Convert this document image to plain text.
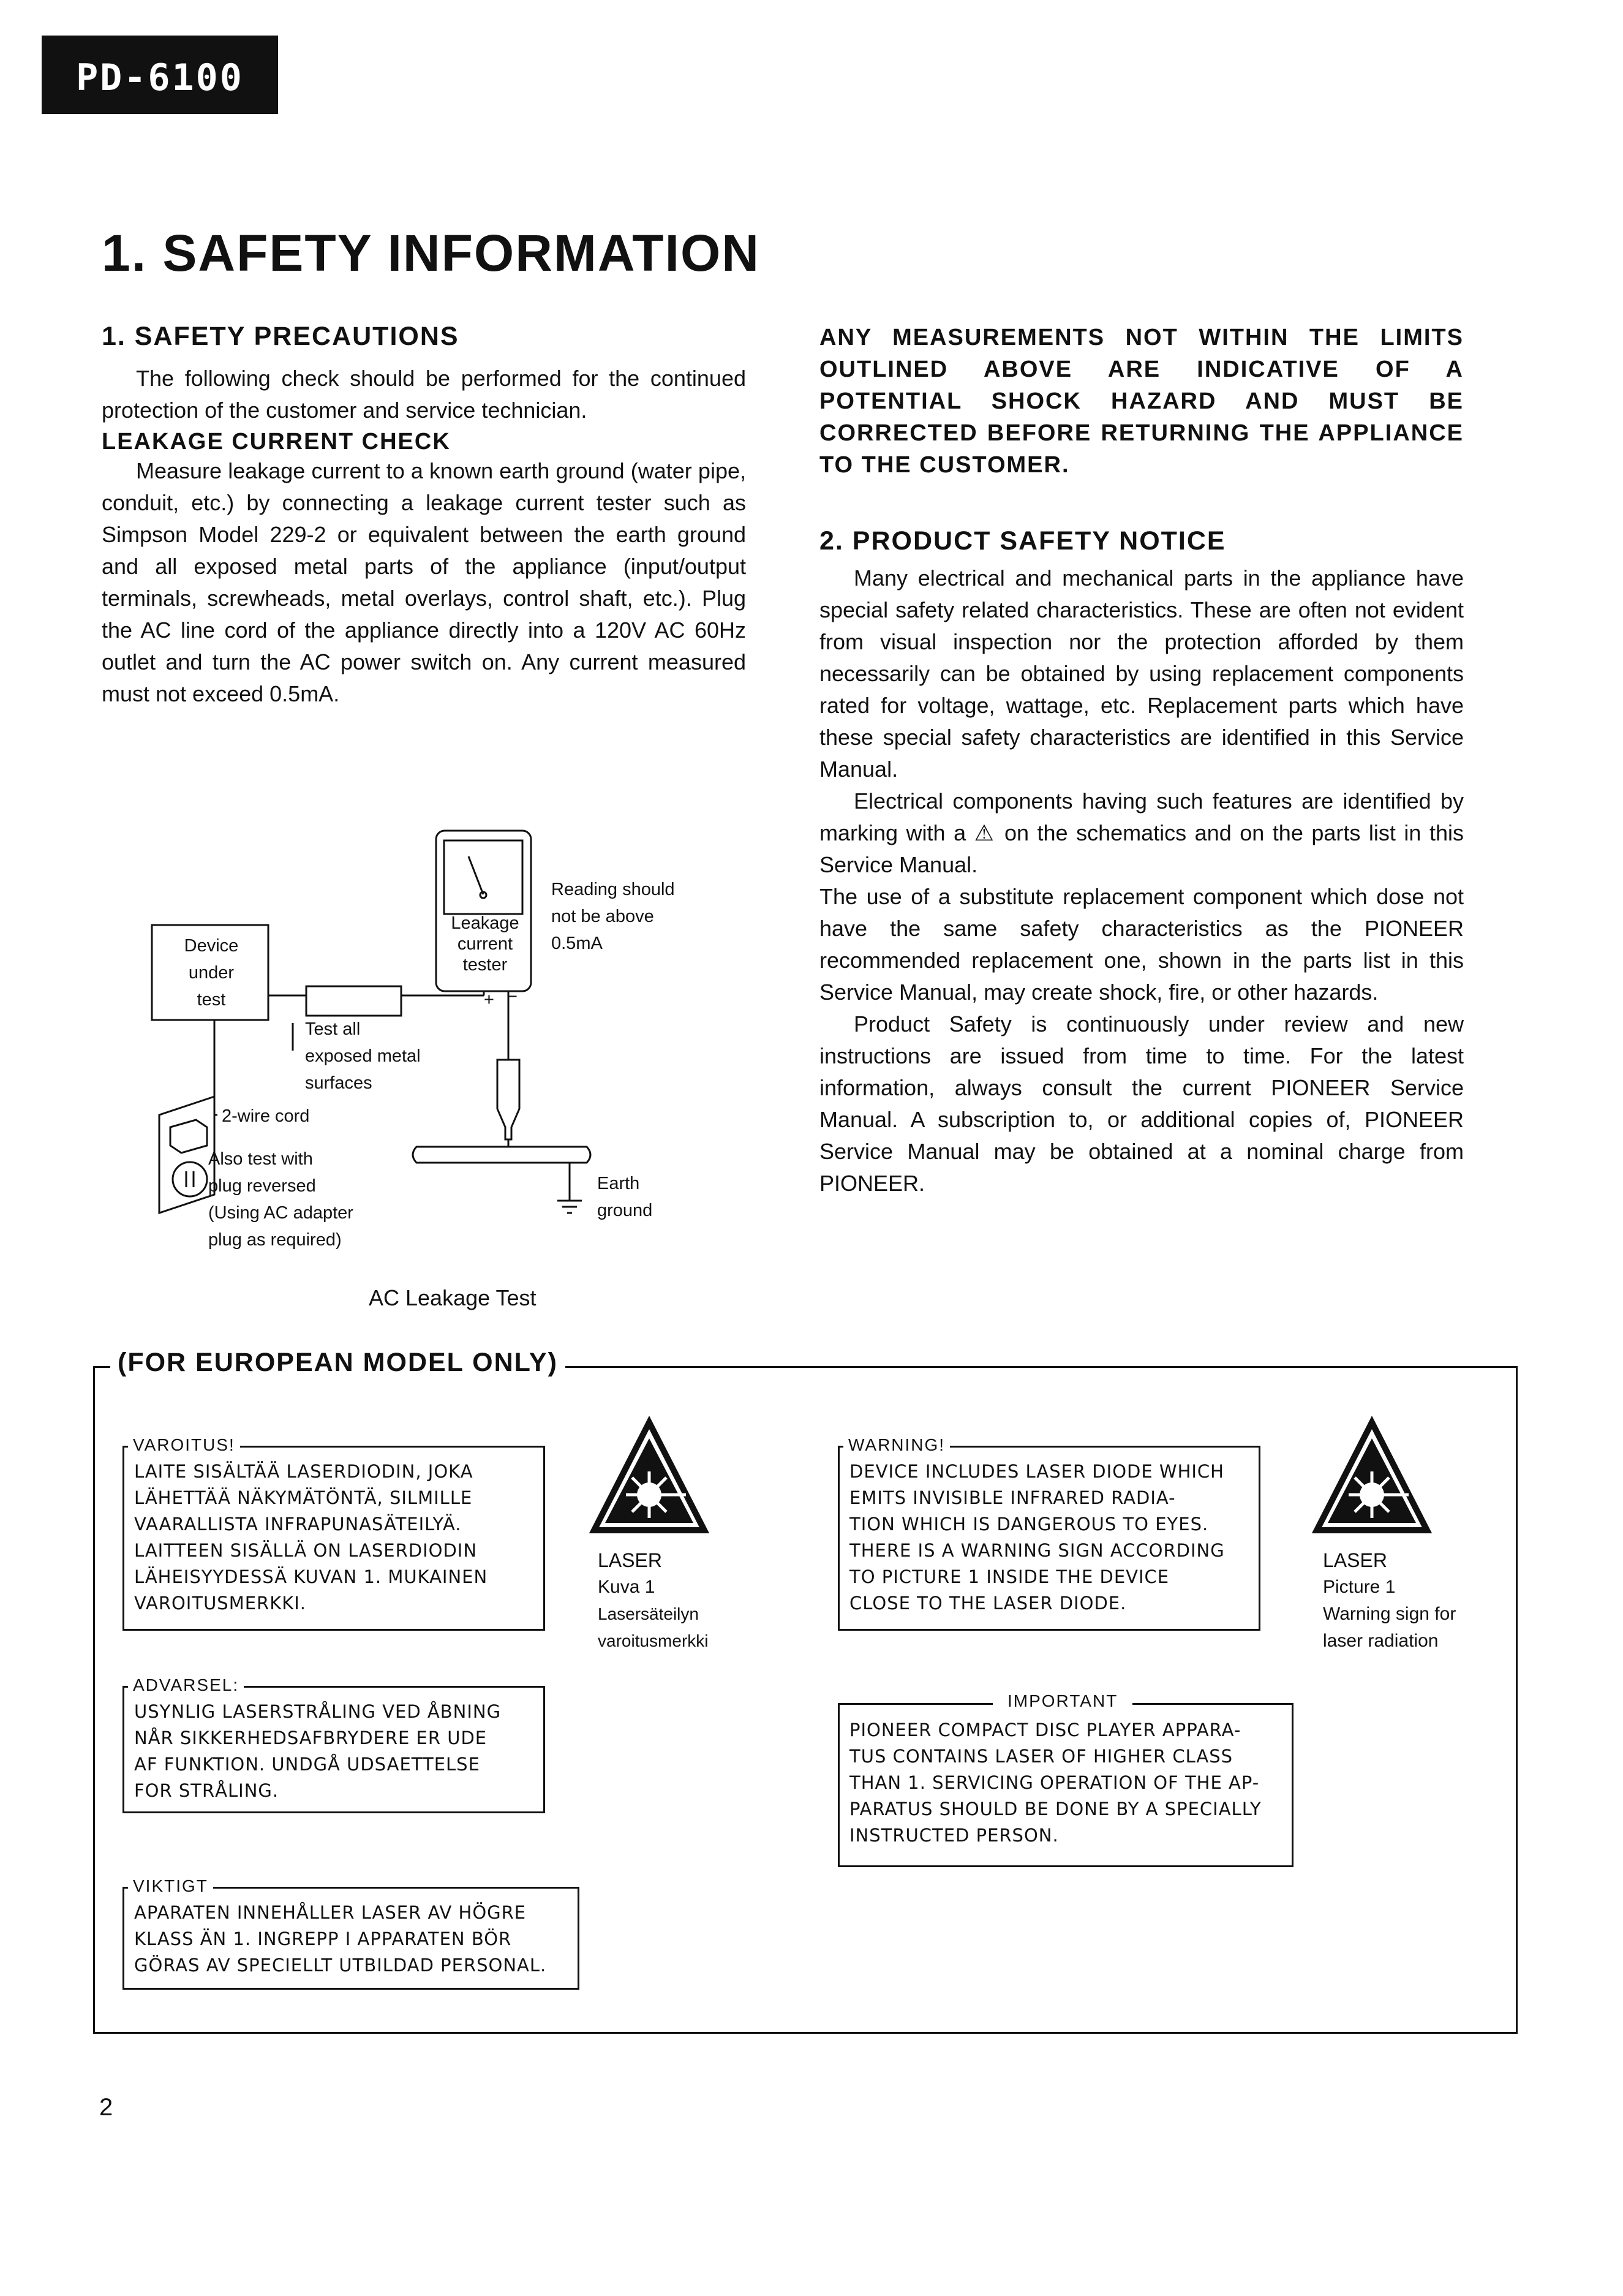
PD-6100
1. SAFETY INFORMATION
1. SAFETY PRECAUTIONS

The following check should be performed for the continued protection of the customer and service technician.

LEAKAGE CURRENT CHECK

Measure leakage current to a known earth ground (water pipe, conduit, etc.) by connecting a leakage current tester such as Simpson Model 229-2 or equivalent between the earth ground and all exposed metal parts of the appliance (input/output terminals, screwheads, metal overlays, control shaft, etc.). Plug the AC line cord of the appliance directly into a 120V AC 60Hz outlet and turn the AC power switch on. Any current measured must not exceed 0.5mA.

Device
under
test
Leakage
current
tester
+ −
Reading should
not be above
0.5mA
Test all
exposed metal
surfaces
2-wire cord
Also test with
plug reversed
(Using AC adapter
plug as required)
Earth
ground
AC Leakage Test

ANY MEASUREMENTS NOT WITHIN THE LIMITS OUTLINED ABOVE ARE INDICATIVE OF A POTENTIAL SHOCK HAZARD AND MUST BE CORRECTED BEFORE RETURNING THE APPLIANCE TO THE CUSTOMER.

2. PRODUCT SAFETY NOTICE

Many electrical and mechanical parts in the appliance have special safety related characteristics. These are often not evident from visual inspection nor the protection afforded by them necessarily can be obtained by using replacement components rated for voltage, wattage, etc. Replacement parts which have these special safety characteristics are identified in this Service Manual.

Electrical components having such features are identified by marking with a ⚠ on the schematics and on the parts list in this Service Manual.

The use of a substitute replacement component which dose not have the same safety characteristics as the PIONEER recommended replacement one, shown in the parts list in this Service Manual, may create shock, fire, or other hazards.

Product Safety is continuously under review and new instructions are issued from time to time. For the latest information, always consult the current PIONEER Service Manual. A subscription to, or additional copies of, PIONEER Service Manual may be obtained at a nominal charge from PIONEER.

(FOR EUROPEAN MODEL ONLY)
VAROITUS!

LAITE SISÄLTÄÄ LASERDIODIN, JOKA
LÄHETTÄÄ NÄKYMÄTÖNTÄ, SILMILLE
VAARALLISTA INFRAPUNASÄTEILYÄ.
LAITTEEN SISÄLLÄ ON LASERDIODIN
LÄHEISYYDESSÄ KUVAN 1. MUKAINEN
VAROITUSMERKKI.

LASER
Kuva 1
Lasersäteilyn
varoitusmerkki
WARNING!

DEVICE INCLUDES LASER DIODE WHICH
EMITS INVISIBLE INFRARED RADIA-
TION WHICH IS DANGEROUS TO EYES.
THERE IS A WARNING SIGN ACCORDING
TO PICTURE 1 INSIDE THE DEVICE
CLOSE TO THE LASER DIODE.

LASER
Picture 1
Warning sign for
laser radiation
ADVARSEL:

USYNLIG LASERSTRÅLING VED ÅBNING
NÅR SIKKERHEDSAFBRYDERE ER UDE
AF FUNKTION. UNDGÅ UDSAETTELSE
FOR STRÅLING.

IMPORTANT

PIONEER COMPACT DISC PLAYER APPARA-
TUS CONTAINS LASER OF HIGHER CLASS
THAN 1. SERVICING OPERATION OF THE AP-
PARATUS SHOULD BE DONE BY A SPECIALLY
INSTRUCTED PERSON.

VIKTIGT

APARATEN INNEHÅLLER LASER AV HÖGRE
KLASS ÄN 1. INGREPP I APPARATEN BÖR
GÖRAS AV SPECIELLT UTBILDAD PERSONAL.

2
